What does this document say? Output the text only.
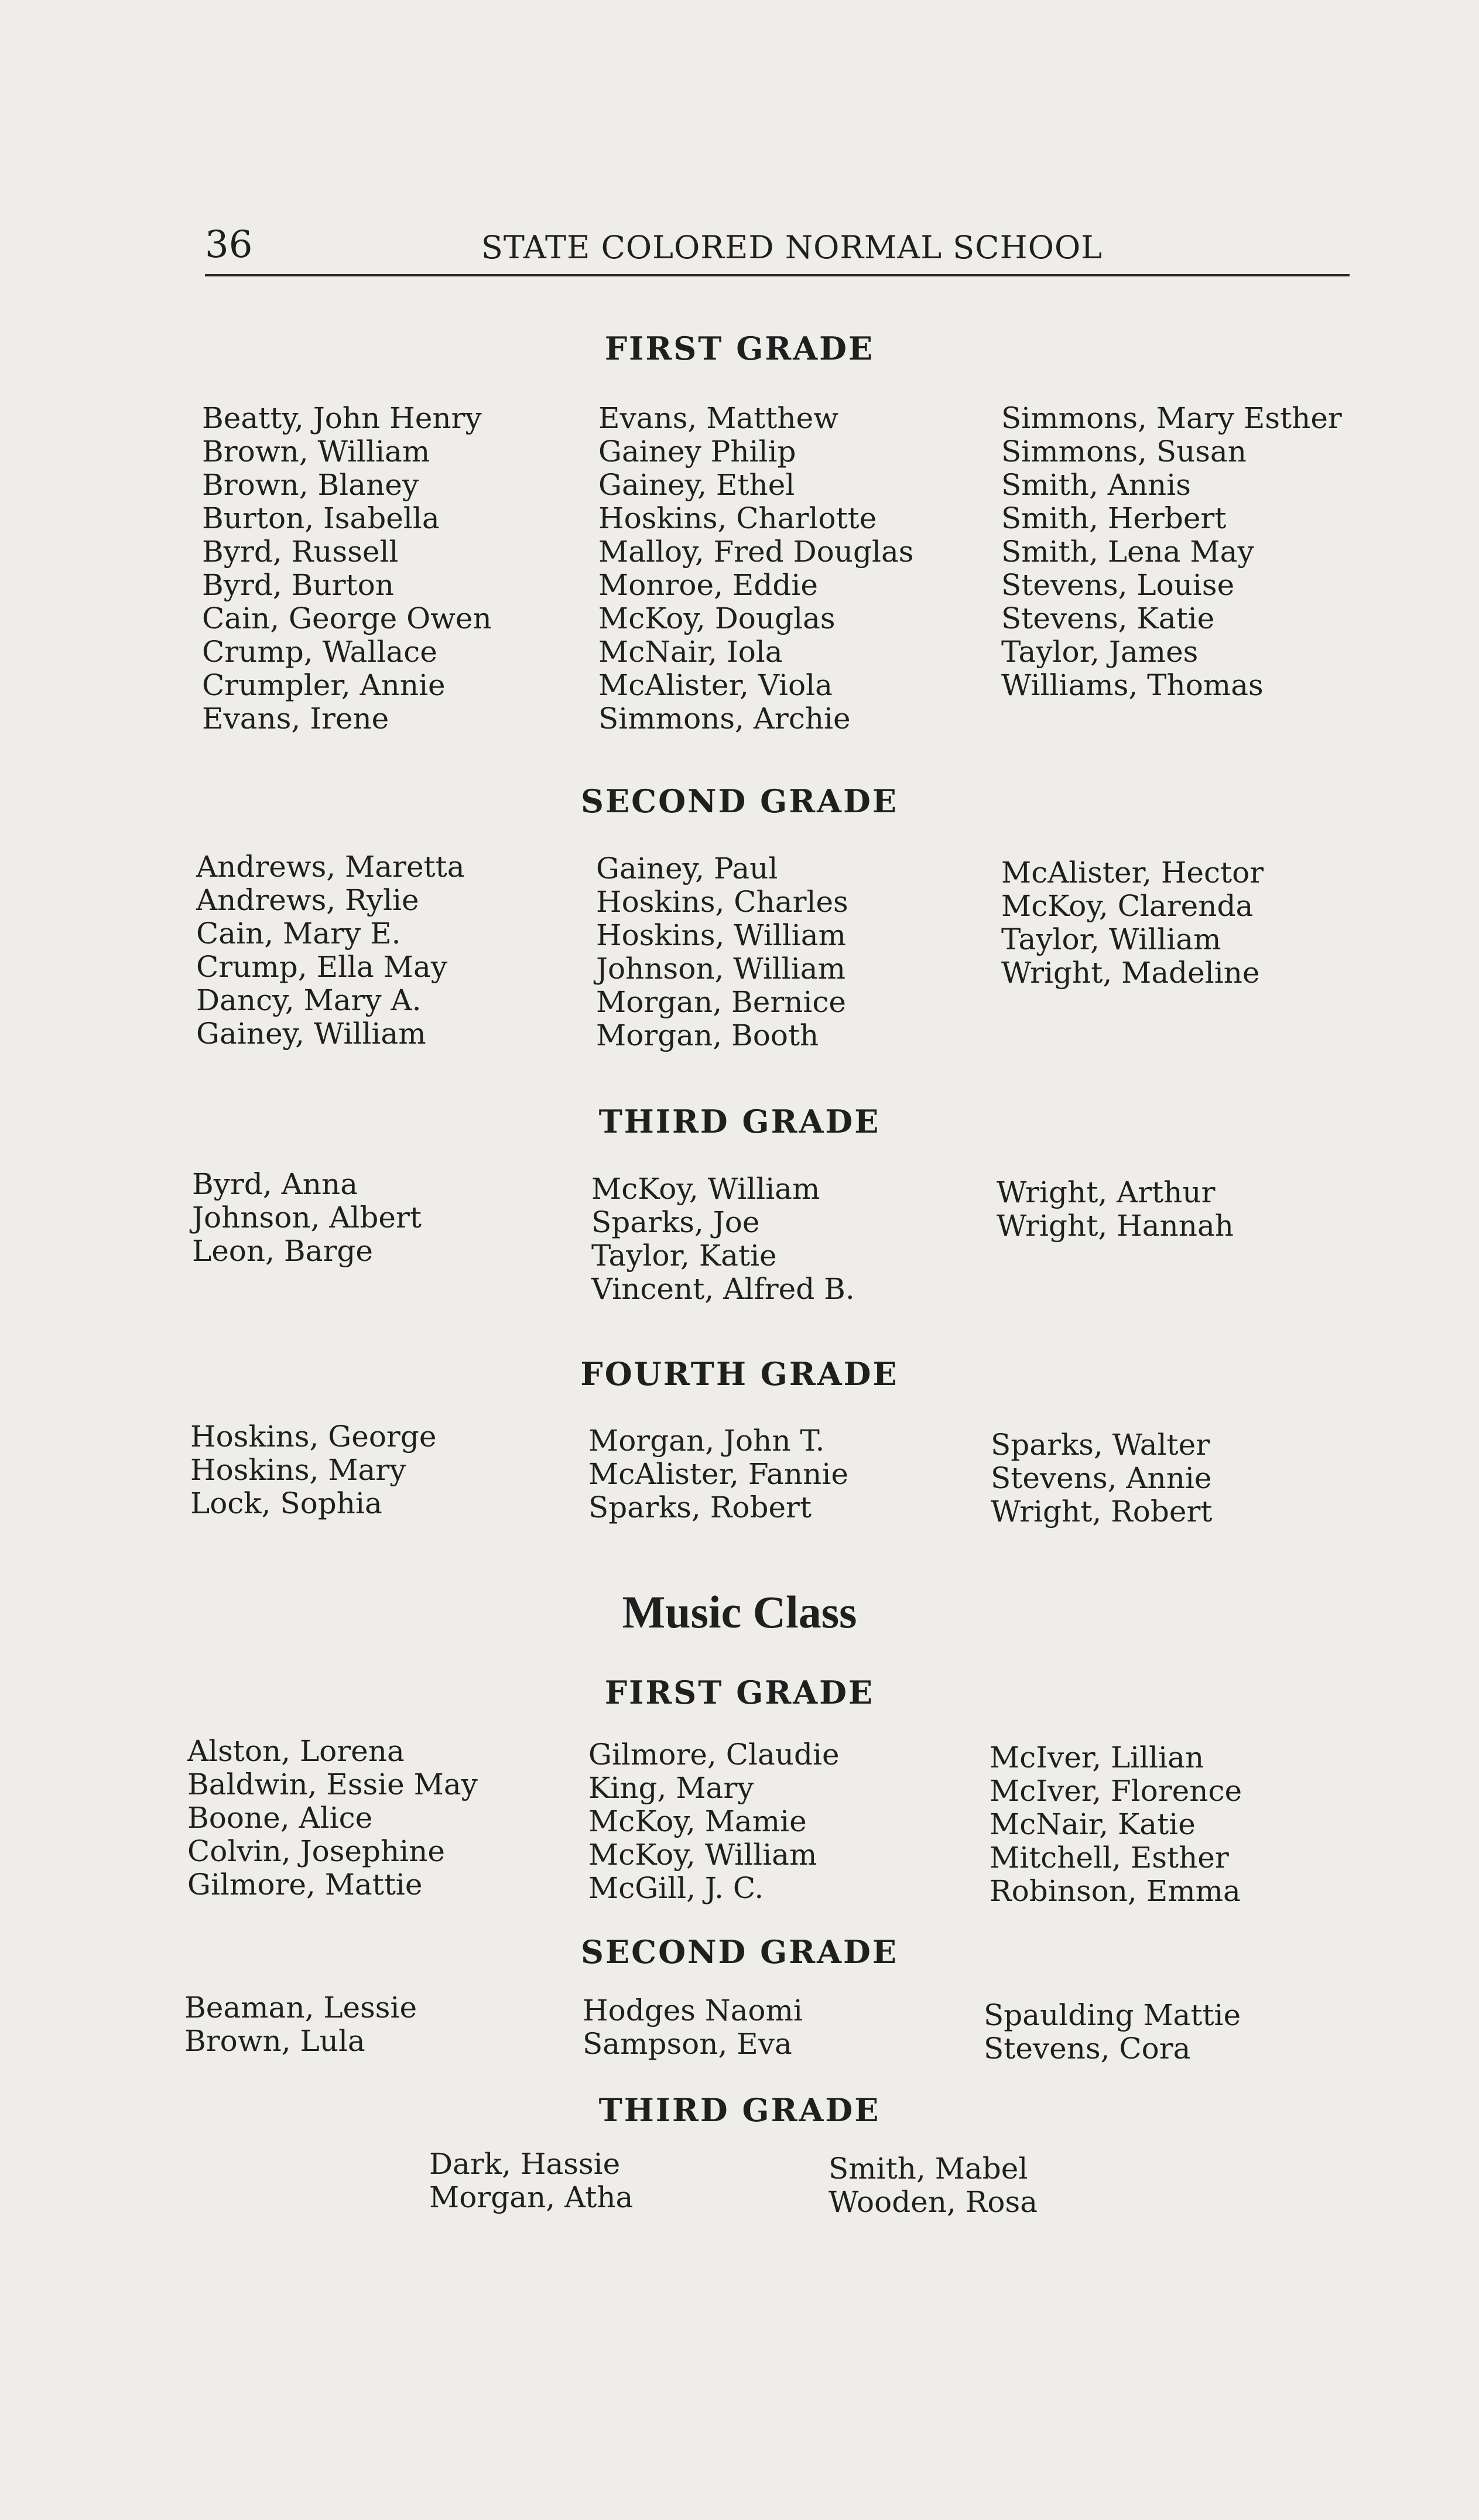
36	STATE COLORED NORMAL SCHOOL
FIRST GRADE
Beatty, John Henry
Brown, William
Brown, Blaney
Burton, Isabella
Byrd, Russell
Byrd, Burton
Cain, George Owen
Crump, Wallace
Crumpler, Annie
Evans, Irene
Evans, Matthew
Gainey Philip
Gainey, Ethel
Hoskins, Charlotte
Malloy, Fred Douglas
Monroe, Eddie
McKoy, Douglas
McNair, Iola
McAlister, Viola
Simmons, Archie
Simmons, Mary Esther
Simmons, Susan
Smith, Annis
Smith, Herbert
Smith, Lena May
Stevens, Louise
Stevens, Katie
Taylor, James
Williams, Thomas
SECOND GRADE
Andrews, Maretta
Andrews, Rylie
Cain, Mary E.
Crump, Ella May
Dancy, Mary A.
Gainey, William
Gainey, Paul
Hoskins, Charles
Hoskins, William
Johnson, William
Morgan, Bernice
Morgan, Booth
McAlister, Hector
McKoy, Clarenda
Taylor, William
Wright, Madeline
THIRD GRADE
Byrd, Anna
Johnson, Albert
Leon, Barge
McKoy, William
Sparks, Joe
Taylor, Katie
Vincent, Alfred B.
Wright, Arthur
Wright, Hannah
FOURTH GRADE
Hoskins, George
Hoskins, Mary
Lock, Sophia
Morgan, John T.
McAlister, Fannie
Sparks, Robert
Sparks, Walter
Stevens, Annie
Wright, Robert
Music Class
FIRST GRADE
Alston, Lorena
Baldwin, Essie May
Boone, Alice
Colvin, Josephine
Gilmore, Mattie
Gilmore, Claudie
King, Mary
McKoy, Mamie
McKoy, William
McGill, J. C.
McIver, Lillian
McIver, Florence
McNair, Katie
Mitchell, Esther
Robinson, Emma
SECOND GRADE
Beaman, Lessie
Brown, Lula
Hodges Naomi
Sampson, Eva
Spaulding Mattie
Stevens, Cora
THIRD GRADE
Dark, Hassie
Morgan, Atha
Smith, Mabel
Wooden, Rosa
